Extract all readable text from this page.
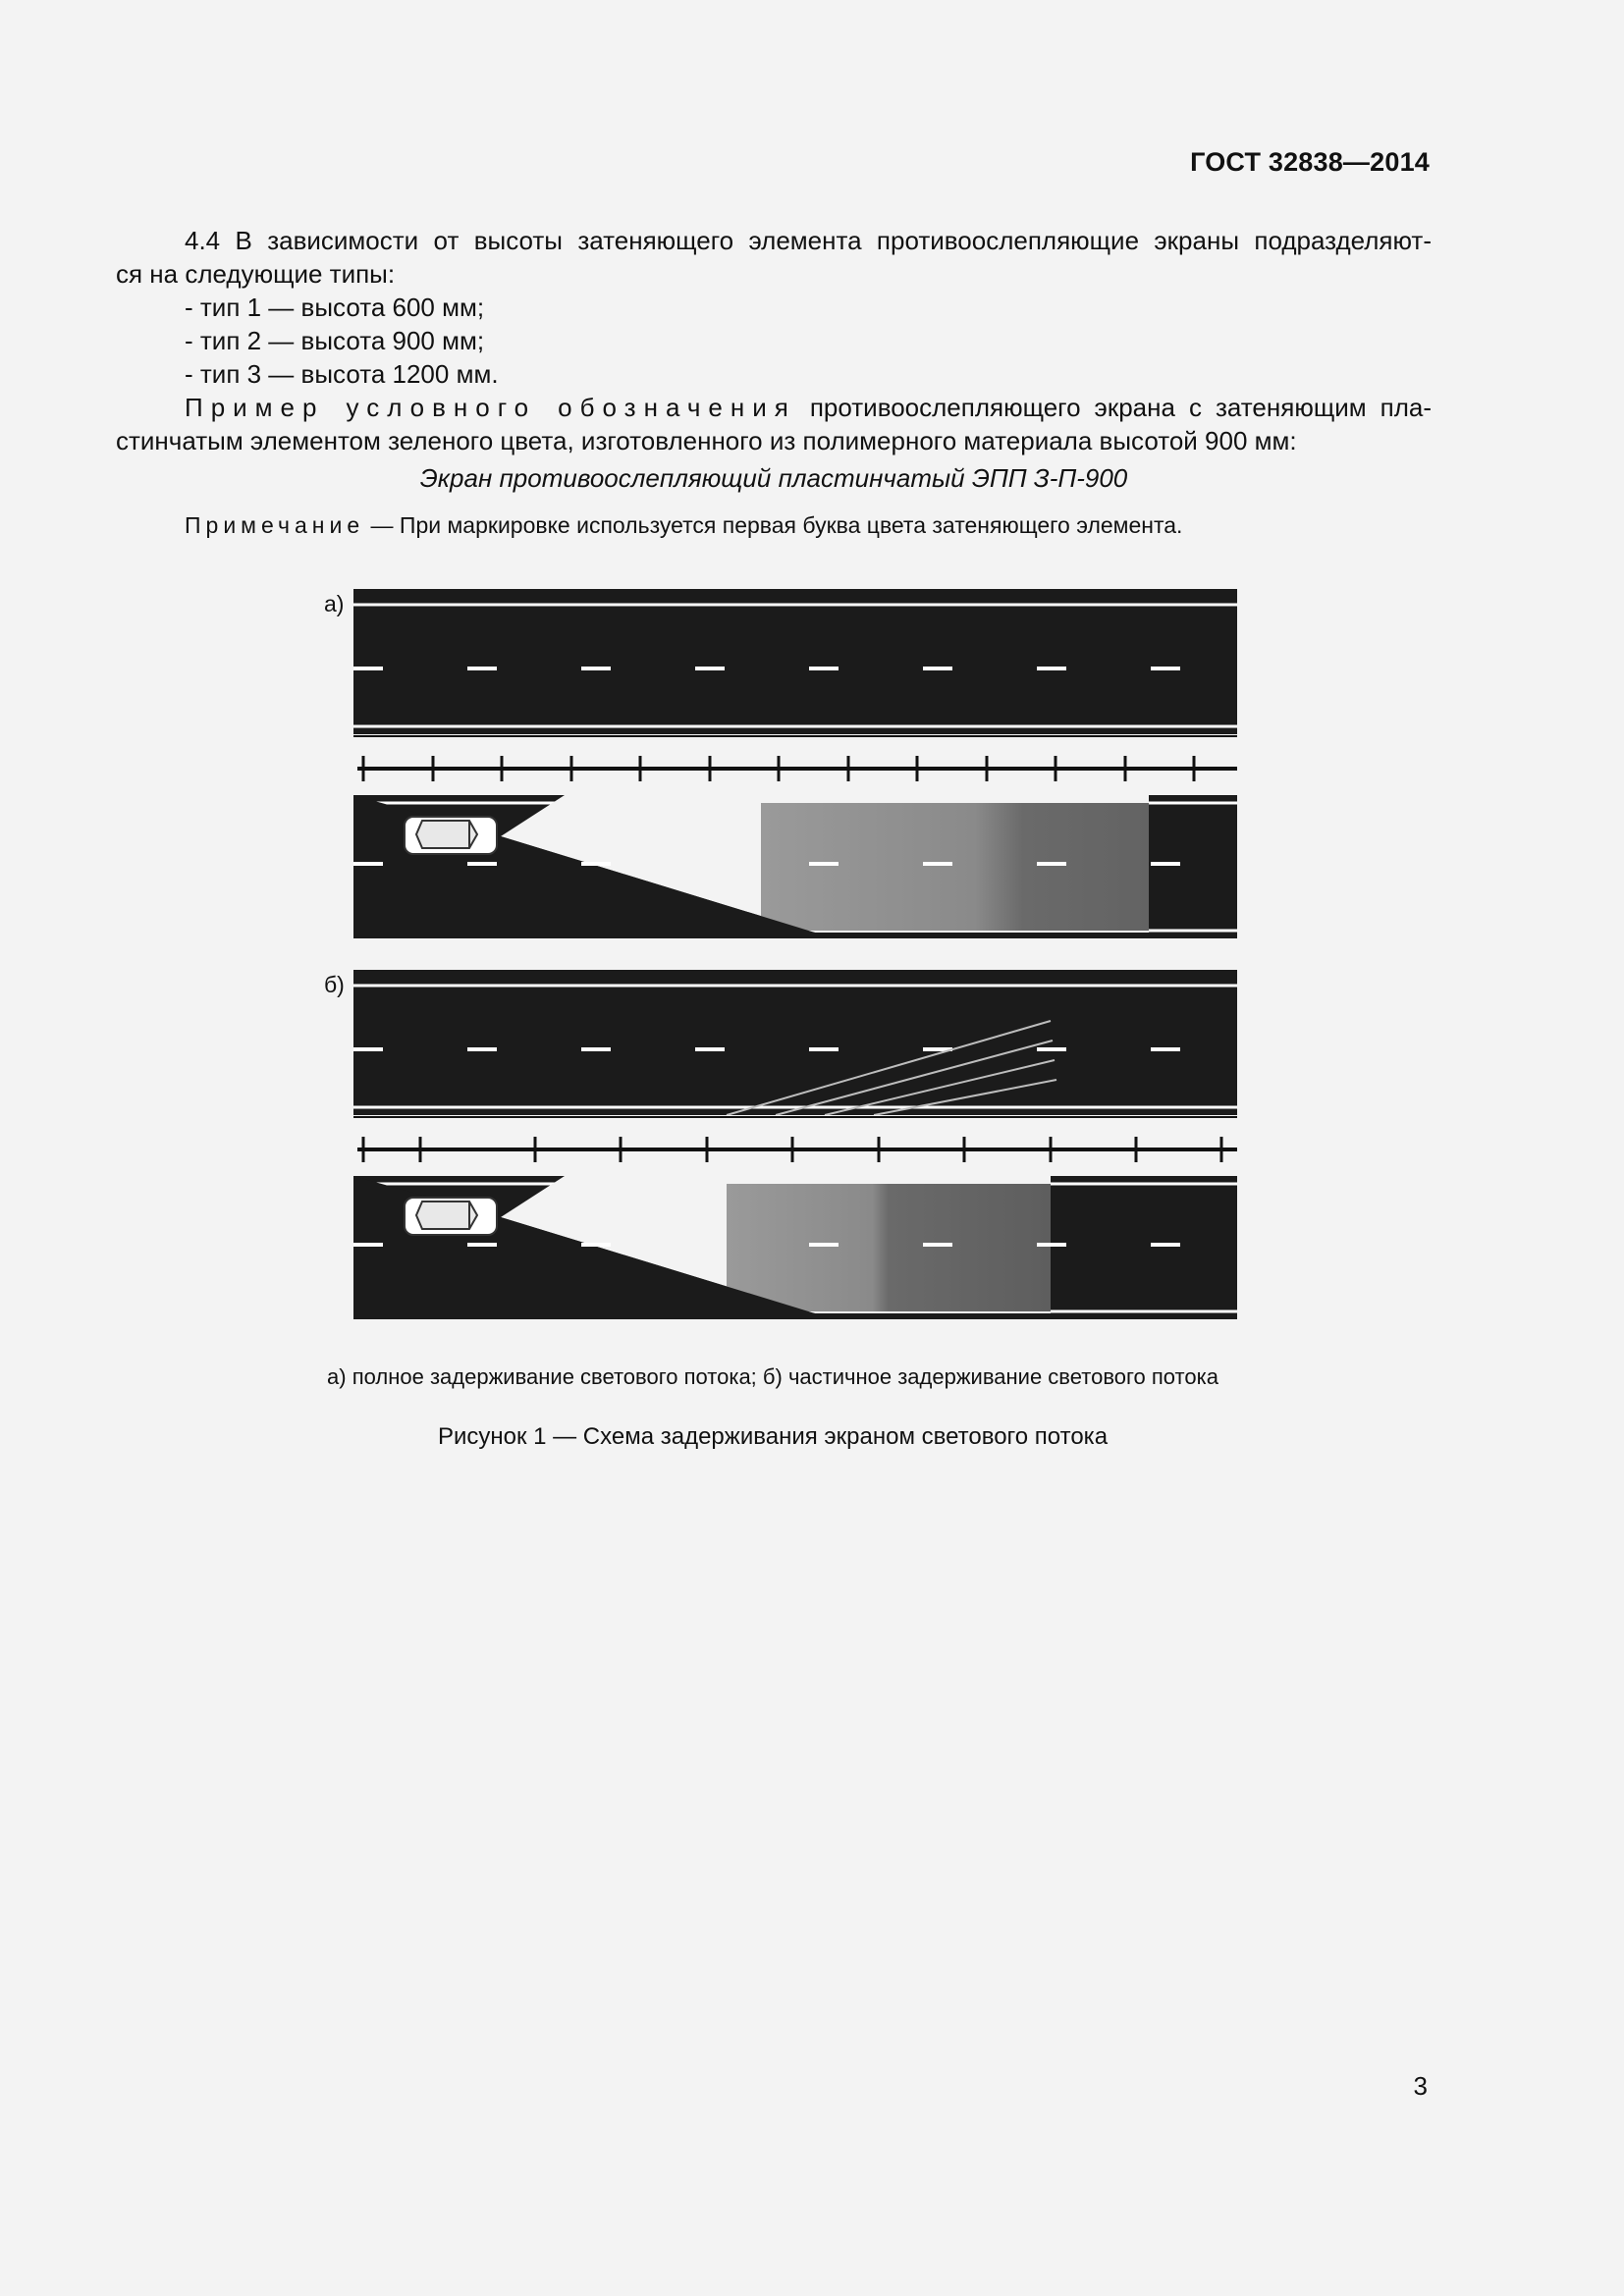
ГОСТ 32838—2014

4.4 В зависимости от высоты затеняющего элемента противоослепляющие экраны подразделяют-

ся на следующие типы:

- тип 1 — высота 600 мм;

- тип 2 — высота 900 мм;

- тип 3 — высота 1200 мм.

Пример условного обозначения противоослепляющего экрана с затеняющим пла-

стинчатым элементом зеленого цвета, изготовленного из полимерного материала высотой 900 мм:

Экран противоослепляющий пластинчатый ЭПП З-П-900

Примечание — При маркировке используется первая буква цвета затеняющего элемента.

а)
б)
а) полное задерживание светового потока; б) частичное задерживание светового потока
Рисунок 1 — Схема задерживания экраном светового потока
3
